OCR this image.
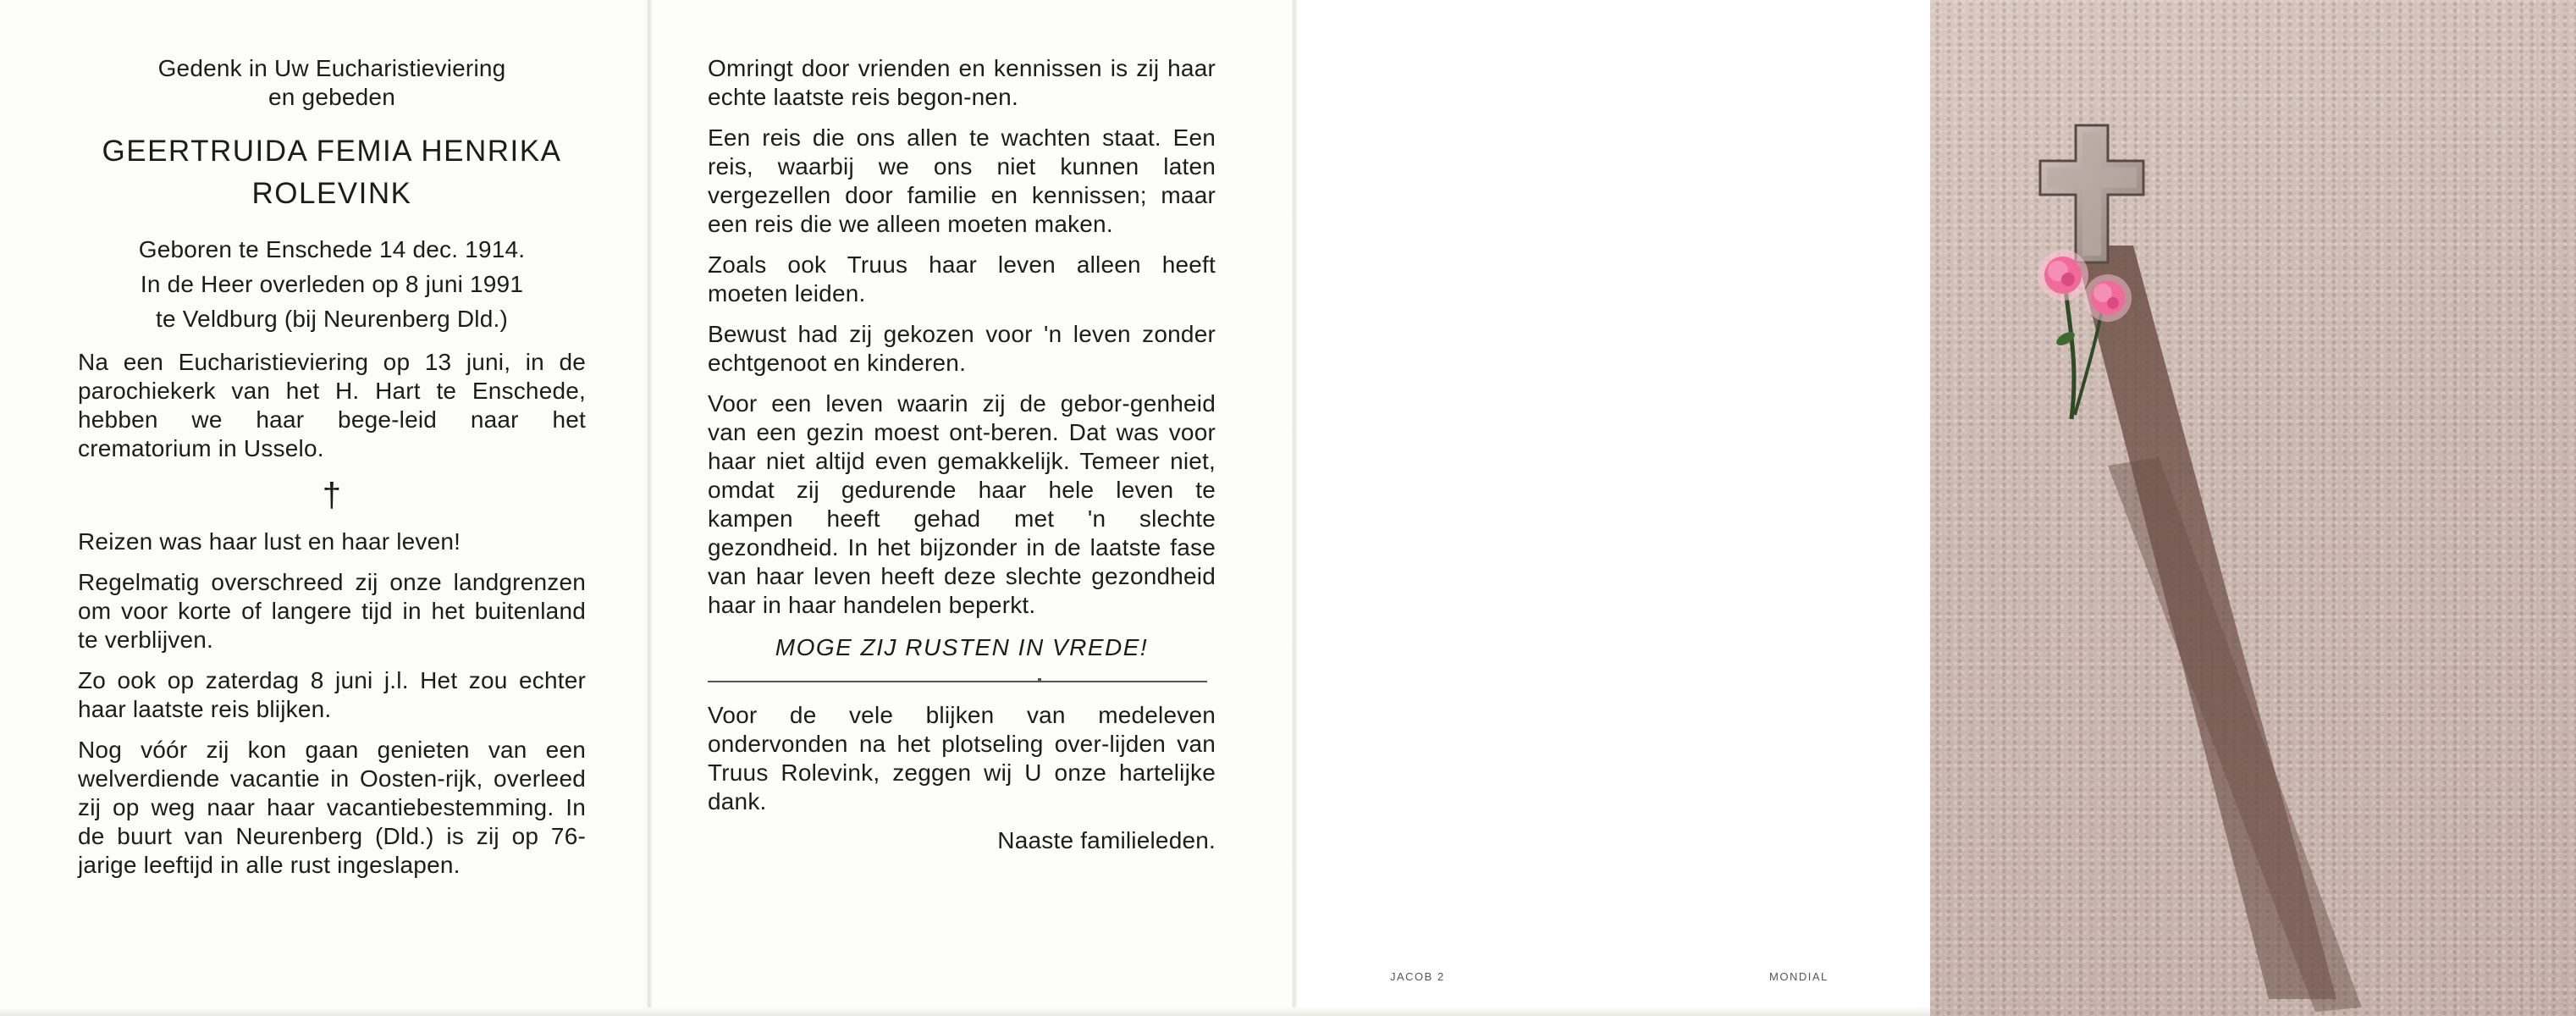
Gedenk in Uw Eucharistieviering

en gebeden

GEERTRUIDA FEMIA HENRIKA
ROLEVINK

Geboren te Enschede 14 dec. 1914.
In de Heer overleden op 8 juni 1991
te Veldburg (bij Neurenberg Dld.)

Na een Eucharistieviering op 13 juni, in de parochiekerk van het H. Hart te Enschede, hebben we haar bege-leid naar het crematorium in Usselo.

†

Reizen was haar lust en haar leven!

Regelmatig overschreed zij onze landgrenzen om voor korte of langere tijd in het buitenland te verblijven.

Zo ook op zaterdag 8 juni j.l. Het zou echter haar laatste reis blijken.

Nog vóór zij kon gaan genieten van een welverdiende vacantie in Oosten-rijk, overleed zij op weg naar haar vacantiebestemming. In de buurt van Neurenberg (Dld.) is zij op 76-jarige leeftijd in alle rust ingeslapen.

Omringt door vrienden en kennissen is zij haar echte laatste reis begon-nen.

Een reis die ons allen te wachten staat. Een reis, waarbij we ons niet kunnen laten vergezellen door familie en kennissen; maar een reis die we alleen moeten maken.

Zoals ook Truus haar leven alleen heeft moeten leiden.

Bewust had zij gekozen voor 'n leven zonder echtgenoot en kinderen.

Voor een leven waarin zij de gebor-genheid van een gezin moest ont-beren. Dat was voor haar niet altijd even gemakkelijk. Temeer niet, omdat zij gedurende haar hele leven te kampen heeft gehad met 'n slechte gezondheid. In het bijzonder in de laatste fase van haar leven heeft deze slechte gezondheid haar in haar handelen beperkt.

MOGE ZIJ RUSTEN IN VREDE!

Voor de vele blijken van medeleven ondervonden na het plotseling over-lijden van Truus Rolevink, zeggen wij U onze hartelijke dank.

Naaste familieleden.

JACOB 2	MONDIAL
